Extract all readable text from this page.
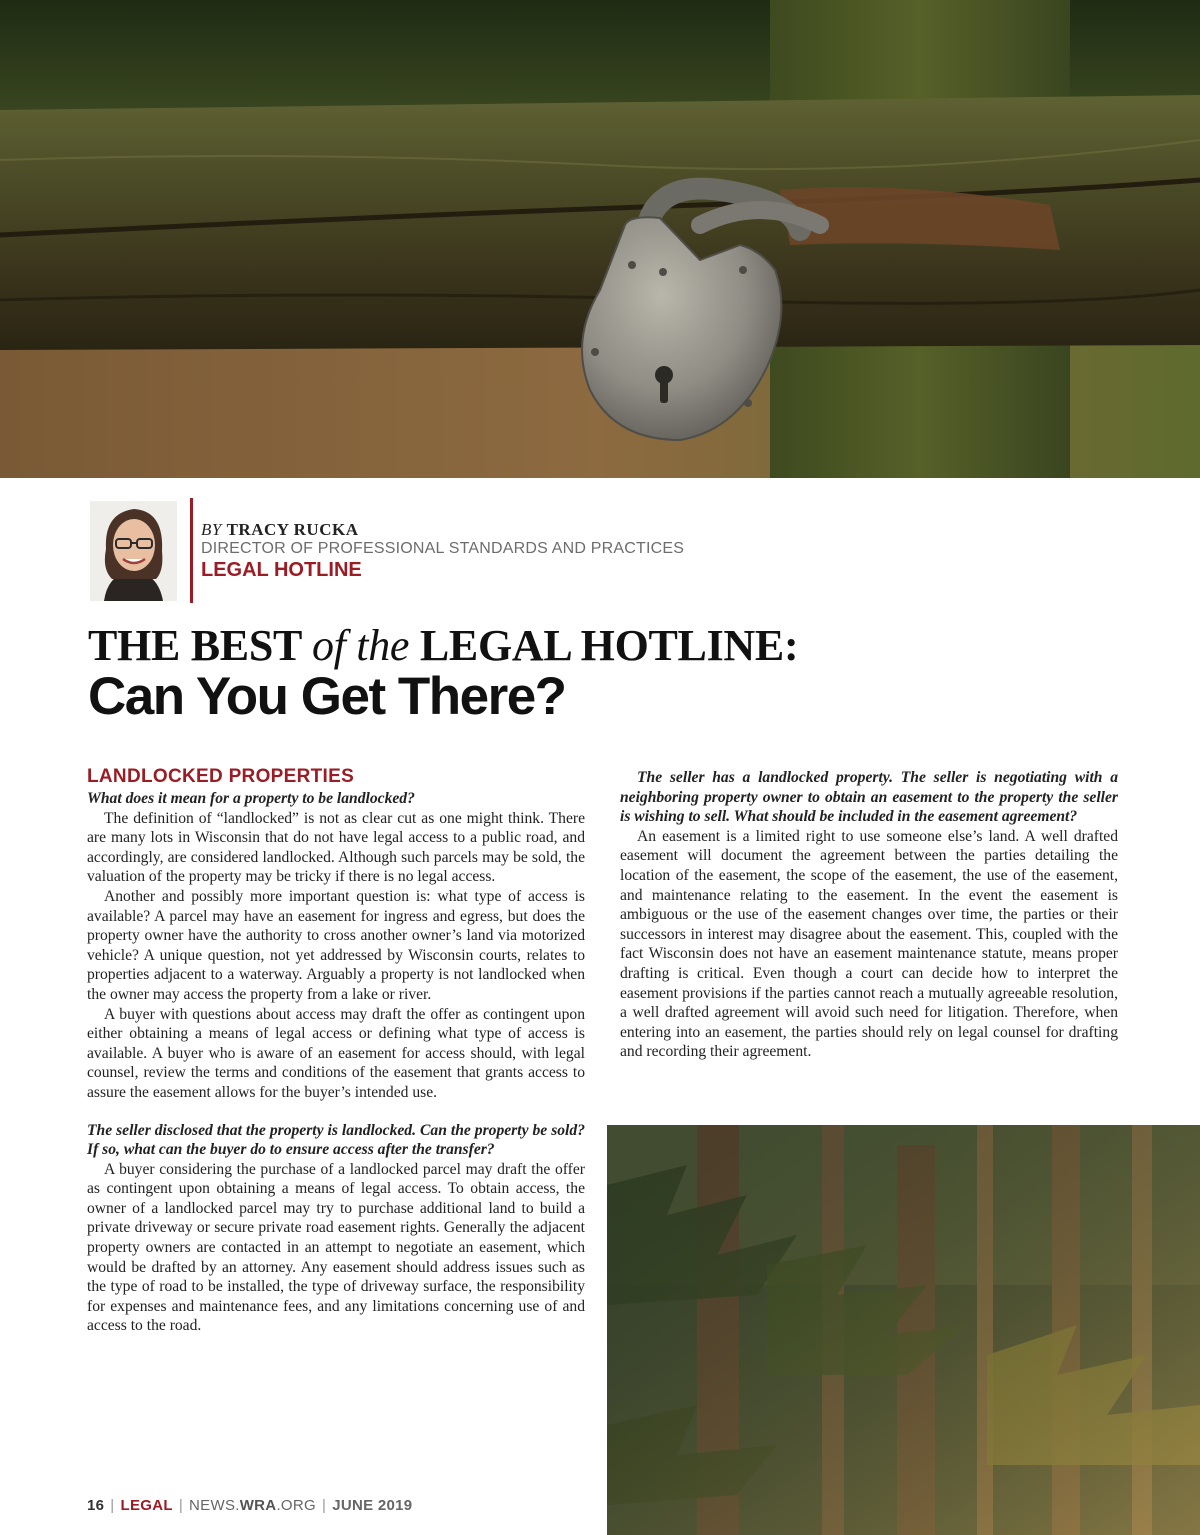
BY TRACY RUCKA
DIRECTOR OF PROFESSIONAL STANDARDS AND PRACTICES
LEGAL HOTLINE
THE BEST of the LEGAL HOTLINE:
Can You Get There?
LANDLOCKED PROPERTIES

What does it mean for a property to be landlocked?

The definition of “landlocked” is not as clear cut as one might think. There are many lots in Wisconsin that do not have legal access to a public road, and accordingly, are considered landlocked. Although such parcels may be sold, the valuation of the property may be tricky if there is no legal access.

Another and possibly more important question is: what type of access is available? A parcel may have an easement for ingress and egress, but does the property owner have the authority to cross another owner’s land via motorized vehicle? A unique question, not yet addressed by Wisconsin courts, relates to properties adjacent to a waterway. Arguably a property is not landlocked when the owner may access the property from a lake or river.

A buyer with questions about access may draft the offer as contingent upon either obtaining a means of legal access or defining what type of access is available. A buyer who is aware of an easement for access should, with legal counsel, review the terms and conditions of the easement that grants access to assure the easement allows for the buyer’s intended use.

The seller disclosed that the property is landlocked. Can the property be sold? If so, what can the buyer do to ensure access after the transfer?

A buyer considering the purchase of a landlocked parcel may draft the offer as contingent upon obtaining a means of legal access. To obtain access, the owner of a landlocked parcel may try to purchase additional land to build a private driveway or secure private road easement rights. Generally the adjacent property owners are contacted in an attempt to negotiate an easement, which would be drafted by an attorney. Any easement should address issues such as the type of road to be installed, the type of driveway surface, the responsibility for expenses and maintenance fees, and any limitations concerning use of and access to the road.

The seller has a landlocked property. The seller is negotiating with a neighboring property owner to obtain an easement to the property the seller is wishing to sell. What should be included in the easement agreement?

An easement is a limited right to use someone else’s land. A well drafted easement will document the agreement between the parties detailing the location of the easement, the scope of the easement, the use of the easement, and maintenance relating to the easement. In the event the easement is ambiguous or the use of the easement changes over time, the parties or their successors in interest may disagree about the easement. This, coupled with the fact Wisconsin does not have an easement maintenance statute, means proper drafting is critical. Even though a court can decide how to interpret the easement provisions if the parties cannot reach a mutually agreeable resolution, a well drafted agreement will avoid such need for litigation. Therefore, when entering into an easement, the parties should rely on legal counsel for drafting and recording their agreement.

16 | LEGAL | NEWS.WRA.ORG | JUNE 2019
